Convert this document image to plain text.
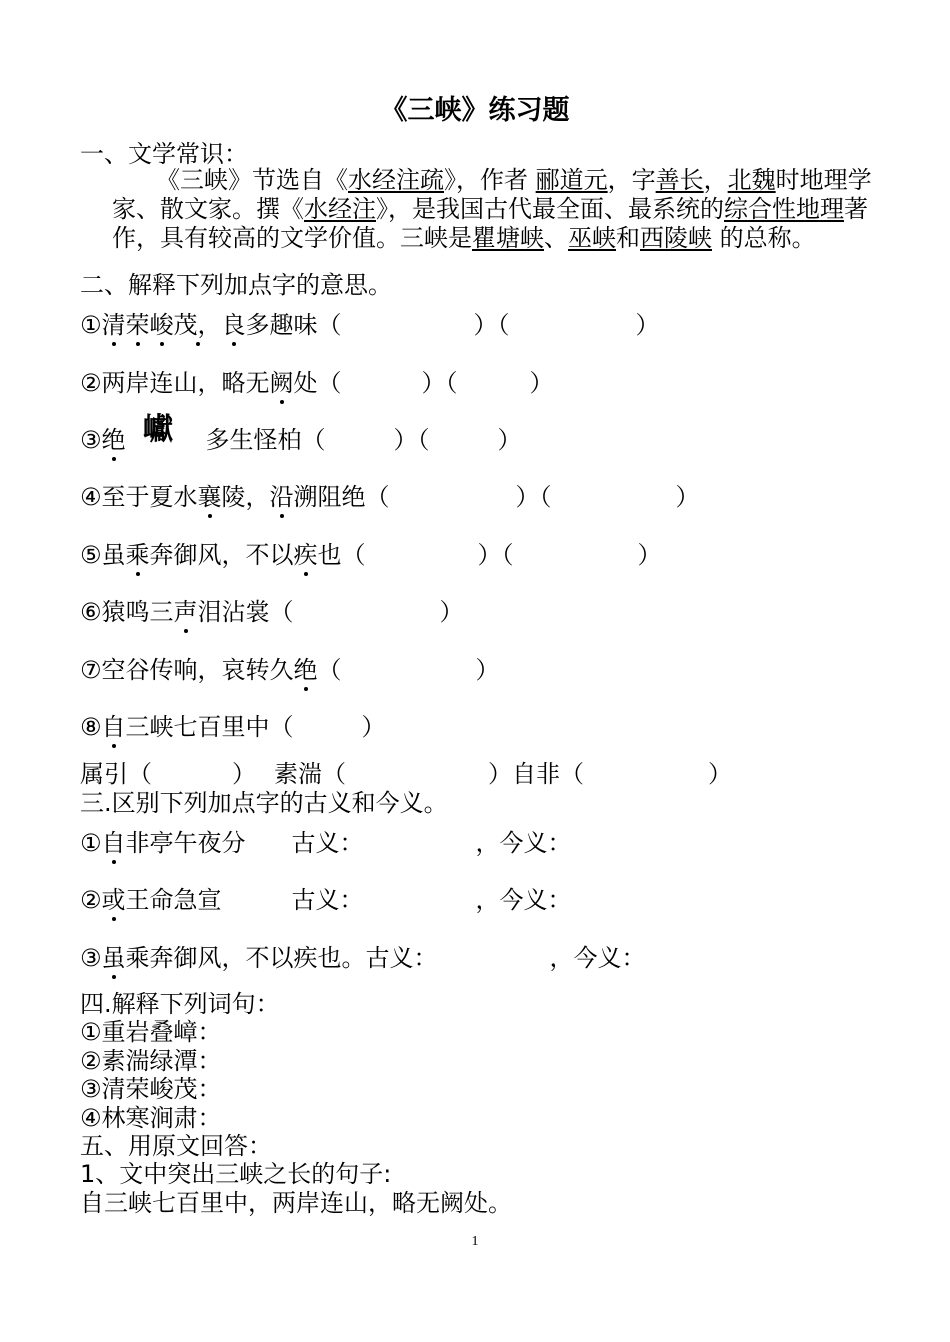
《三峡》练习题
一、文学常识：
《三峡》节选自《水经注疏》，作者 郦道元，字善长，北魏时地理学家、散文家。撰《水经注》，是我国古代最全面、最系统的综合性地理著作，具有较高的文学价值。三峡是瞿塘峡、巫峡和西陵峡 的总称。
二、解释下列加点字的意思。
①清荣峻茂，良多趣味（	）（	）
②两岸连山，略无阙处（	）（	）
③绝	多生怪柏（	）（	）
巘
④至于夏水襄陵，沿溯阻绝（	）（	）
⑤虽乘奔御风，不以疾也（	）（	）
⑥猿鸣三声泪沾裳（	）
⑦空谷传响，哀转久绝（	）
⑧自三峡七百里中（	）
属引（	） 素湍（	）自非（	）
三.区别下列加点字的古义和今义。
①自非亭午夜分 古义：	，今义：
②或王命急宣	古义：	，今义：
③虽乘奔御风，不以疾也。古义：	，今义：
四.解释下列词句：
①重岩叠嶂：
②素湍绿潭：
③清荣峻茂：
④林寒涧肃：
五、用原文回答：
1、文中突出三峡之长的句子:
自三峡七百里中，两岸连山，略无阙处。
1
